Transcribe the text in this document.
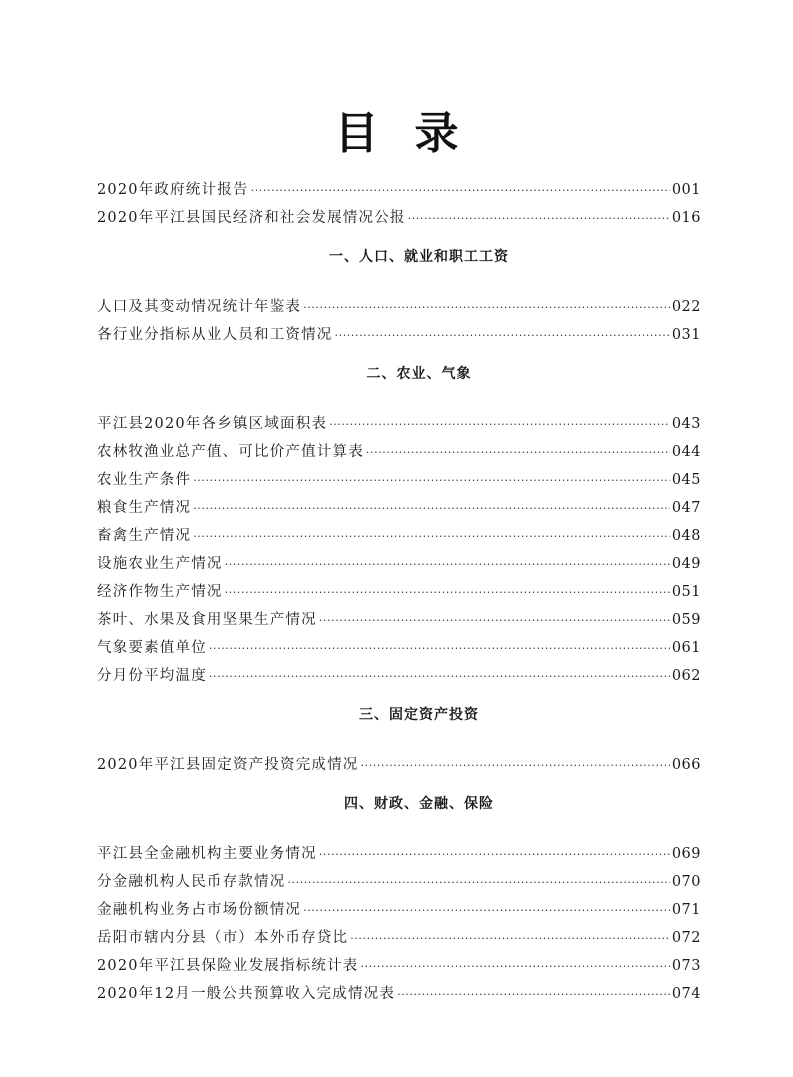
目录
2020年政府统计报告 ·····	001
2020年平江县国民经济和社会发展情况公报 ·····	016
一、人口、就业和职工工资
人口及其变动情况统计年鉴表 ·····	022
各行业分指标从业人员和工资情况 ·····	031
二、农业、气象
平江县2020年各乡镇区域面积表 ·····	043
农林牧渔业总产值、可比价产值计算表 ·····	044
农业生产条件 ·····	045
粮食生产情况 ·····	047
畜禽生产情况 ·····	048
设施农业生产情况 ·····	049
经济作物生产情况 ·····	051
茶叶、水果及食用坚果生产情况 ·····	059
气象要素值单位 ·····	061
分月份平均温度 ·····	062
三、固定资产投资
2020年平江县固定资产投资完成情况 ·····	066
四、财政、金融、保险
平江县全金融机构主要业务情况 ·····	069
分金融机构人民币存款情况 ·····	070
金融机构业务占市场份额情况 ·····	071
岳阳市辖内分县（市）本外币存贷比 ·····	072
2020年平江县保险业发展指标统计表 ·····	073
2020年12月一般公共预算收入完成情况表 ·····	074
